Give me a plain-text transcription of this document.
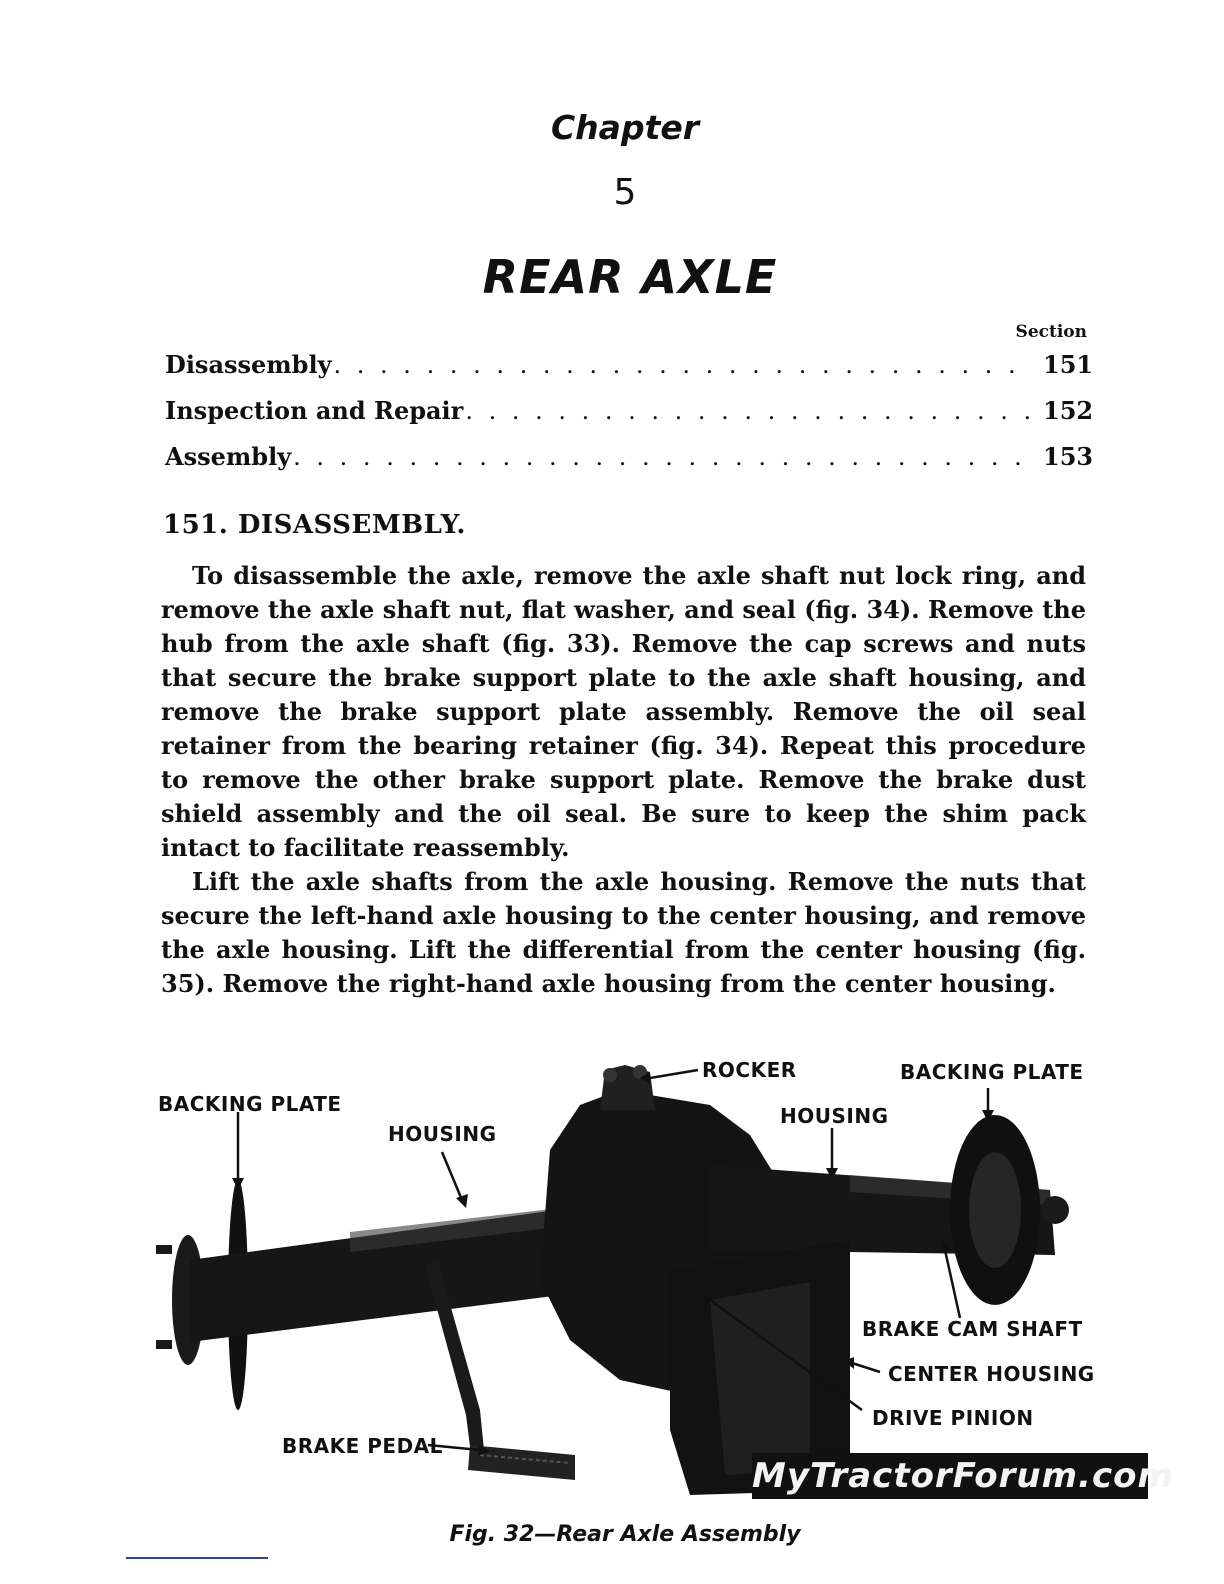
Chapter
5
REAR AXLE
Section
Disassembly . . .	151
Inspection and Repair . . .	152
Assembly . . .	153
151. DISASSEMBLY.

To disassemble the axle, remove the axle shaft nut lock ring, and remove the axle shaft nut, flat washer, and seal (fig. 34). Remove the hub from the axle shaft (fig. 33). Remove the cap screws and nuts that secure the brake support plate to the axle shaft housing, and remove the brake support plate assembly. Remove the oil seal retainer from the bearing retainer (fig. 34). Repeat this procedure to remove the other brake support plate. Remove the brake dust shield assembly and the oil seal. Be sure to keep the shim pack intact to facilitate reassembly.

Lift the axle shafts from the axle housing. Remove the nuts that secure the left-hand axle housing to the center housing, and remove the axle housing. Lift the differential from the center housing (fig. 35). Remove the right-hand axle housing from the center housing.

BACKING PLATE
HOUSING
ROCKER
HOUSING
BACKING PLATE
BRAKE CAM SHAFT
CENTER HOUSING
DRIVE PINION
BRAKE PEDAL
MyTractorForum.com
Fig. 32—Rear Axle Assembly
